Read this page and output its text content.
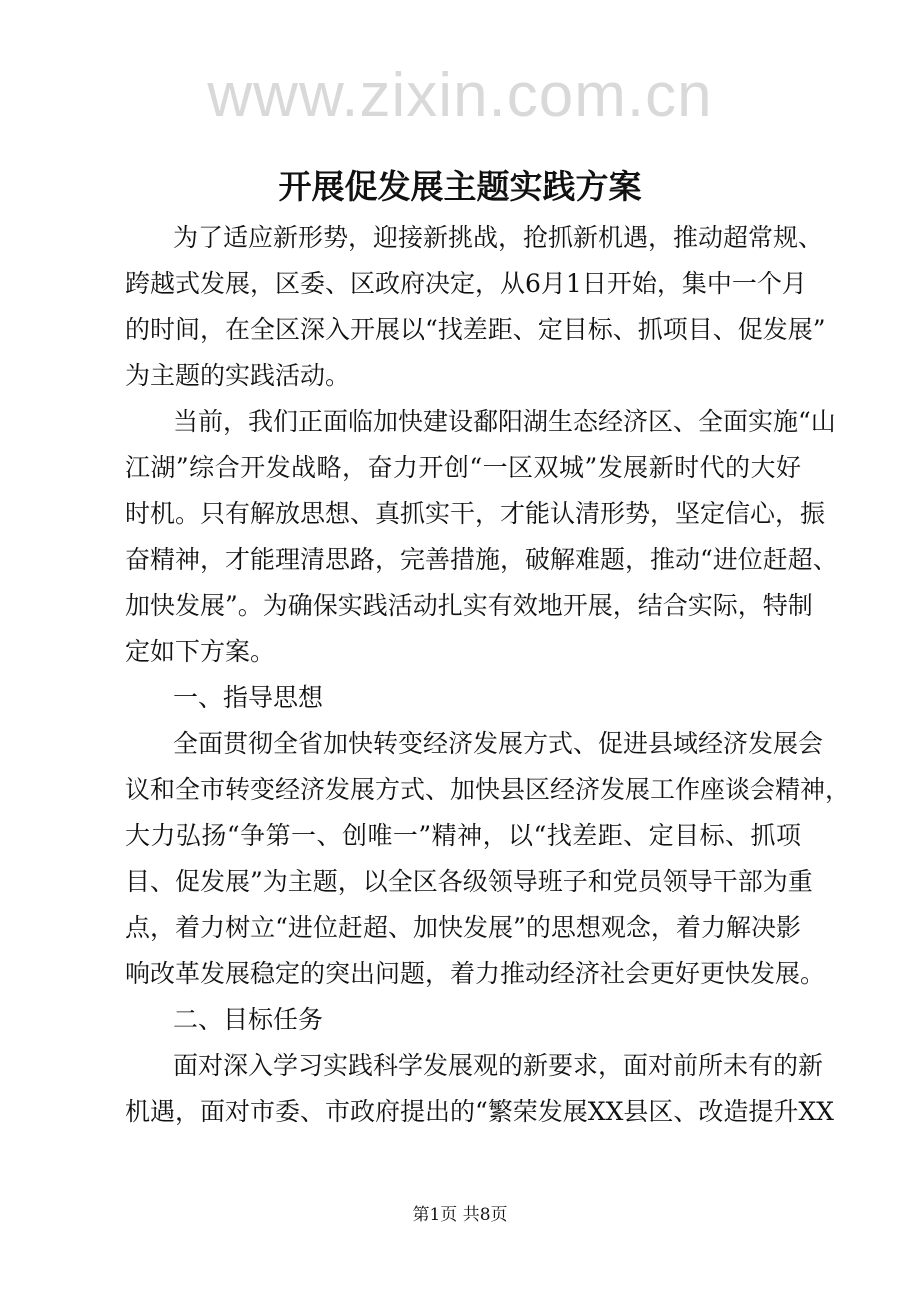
www.zixin.com.cn
开展促发展主题实践方案
为了适应新形势，迎接新挑战，抢抓新机遇，推动超常规、
跨越式发展，区委、区政府决定，从6月1日开始，集中一个月
的时间，在全区深入开展以“找差距、定目标、抓项目、促发展”
为主题的实践活动。
当前，我们正面临加快建设鄱阳湖生态经济区、全面实施“山
江湖”综合开发战略，奋力开创“一区双城”发展新时代的大好
时机。只有解放思想、真抓实干，才能认清形势，坚定信心，振
奋精神，才能理清思路，完善措施，破解难题，推动“进位赶超、
加快发展”。为确保实践活动扎实有效地开展，结合实际，特制
定如下方案。
一、指导思想
全面贯彻全省加快转变经济发展方式、促进县域经济发展会
议和全市转变经济发展方式、加快县区经济发展工作座谈会精神，
大力弘扬“争第一、创唯一”精神，以“找差距、定目标、抓项
目、促发展”为主题，以全区各级领导班子和党员领导干部为重
点，着力树立“进位赶超、加快发展”的思想观念，着力解决影
响改革发展稳定的突出问题，着力推动经济社会更好更快发展。
二、目标任务
面对深入学习实践科学发展观的新要求，面对前所未有的新
机遇，面对市委、市政府提出的“繁荣发展XX县区、改造提升XX
第1页 共8页
